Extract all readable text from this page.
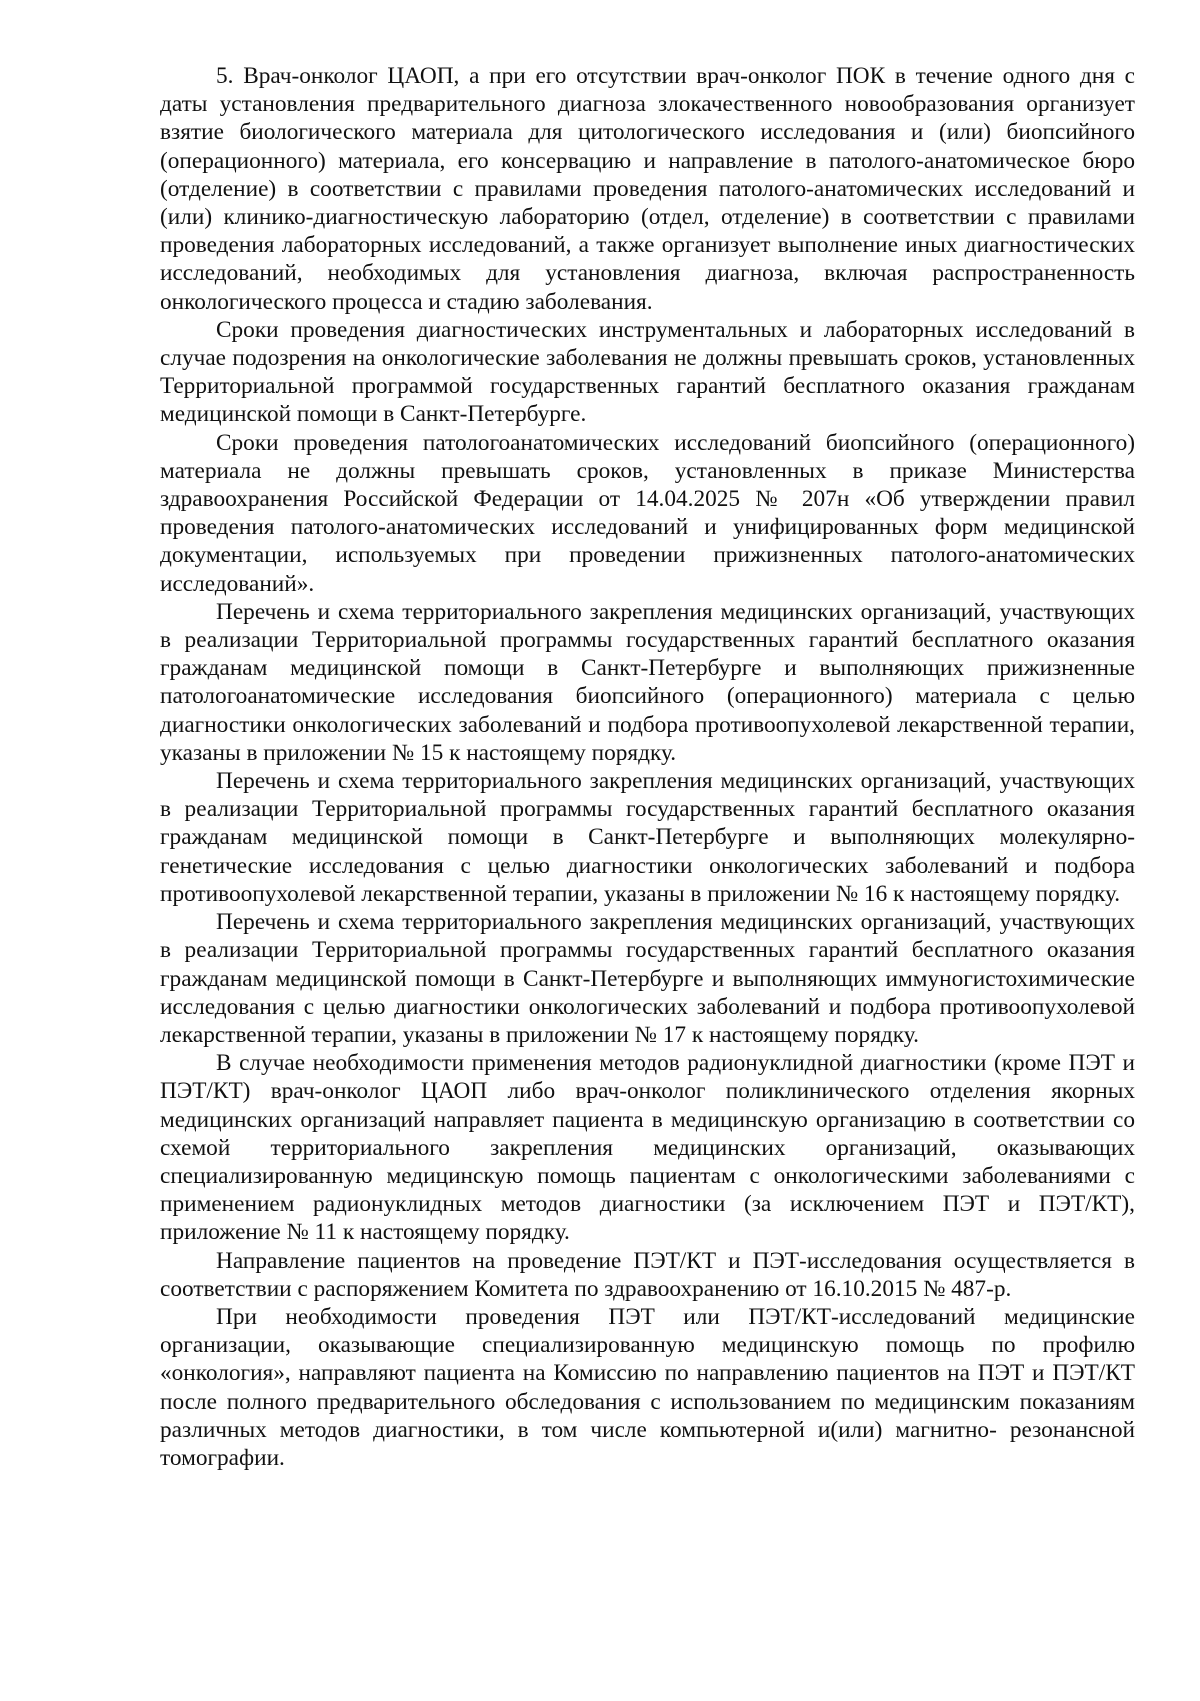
5. Врач-онколог ЦАОП, а при его отсутствии врач-онколог ПОК в течение одного дня с даты установления предварительного диагноза злокачественного новообразования организует взятие биологического материала для цитологического исследования и (или) биопсийного (операционного) материала, его консервацию и направление в патолого-анатомическое бюро (отделение) в соответствии с правилами проведения патолого-анатомических исследований и (или) клинико-диагностическую лабораторию (отдел, отделение) в соответствии с правилами проведения лабораторных исследований, а также организует выполнение иных диагностических исследований, необходимых для установления диагноза, включая распространенность онкологического процесса и стадию заболевания.

Сроки проведения диагностических инструментальных и лабораторных исследований в случае подозрения на онкологические заболевания не должны превышать сроков, установленных Территориальной программой государственных гарантий бесплатного оказания гражданам медицинской помощи в Санкт-Петербурге.

Сроки проведения патологоанатомических исследований биопсийного (операционного) материала не должны превышать сроков, установленных в приказе Министерства здравоохранения Российской Федерации от 14.04.2025 № 207н «Об утверждении правил проведения патолого-анатомических исследований и унифицированных форм медицинской документации, используемых при проведении прижизненных патолого-анатомических исследований».

Перечень и схема территориального закрепления медицинских организаций, участвующих в реализации Территориальной программы государственных гарантий бесплатного оказания гражданам медицинской помощи в Санкт-Петербурге и выполняющих прижизненные патологоанатомические исследования биопсийного (операционного) материала с целью диагностики онкологических заболеваний и подбора противоопухолевой лекарственной терапии, указаны в приложении № 15 к настоящему порядку.

Перечень и схема территориального закрепления медицинских организаций, участвующих в реализации Территориальной программы государственных гарантий бесплатного оказания гражданам медицинской помощи в Санкт-Петербурге и выполняющих молекулярно-генетические исследования с целью диагностики онкологических заболеваний и подбора противоопухолевой лекарственной терапии, указаны в приложении № 16 к настоящему порядку.

Перечень и схема территориального закрепления медицинских организаций, участвующих в реализации Территориальной программы государственных гарантий бесплатного оказания гражданам медицинской помощи в Санкт-Петербурге и выполняющих иммуногистохимические исследования с целью диагностики онкологических заболеваний и подбора противоопухолевой лекарственной терапии, указаны в приложении № 17 к настоящему порядку.

В случае необходимости применения методов радионуклидной диагностики (кроме ПЭТ и ПЭТ/КТ) врач-онколог ЦАОП либо врач-онколог поликлинического отделения якорных медицинских организаций направляет пациента в медицинскую организацию в соответствии со схемой территориального закрепления медицинских организаций, оказывающих специализированную медицинскую помощь пациентам с онкологическими заболеваниями с применением радионуклидных методов диагностики (за исключением ПЭТ и ПЭТ/КТ), приложение № 11 к настоящему порядку.

Направление пациентов на проведение ПЭТ/КТ и ПЭТ-исследования осуществляется в соответствии с распоряжением Комитета по здравоохранению от 16.10.2015 № 487-р.

При необходимости проведения ПЭТ или ПЭТ/КТ-исследований медицинские организации, оказывающие специализированную медицинскую помощь по профилю «онкология», направляют пациента на Комиссию по направлению пациентов на ПЭТ и ПЭТ/КТ после полного предварительного обследования с использованием по медицинским показаниям различных методов диагностики, в том числе компьютерной и(или) магнитно- резонансной томографии.
